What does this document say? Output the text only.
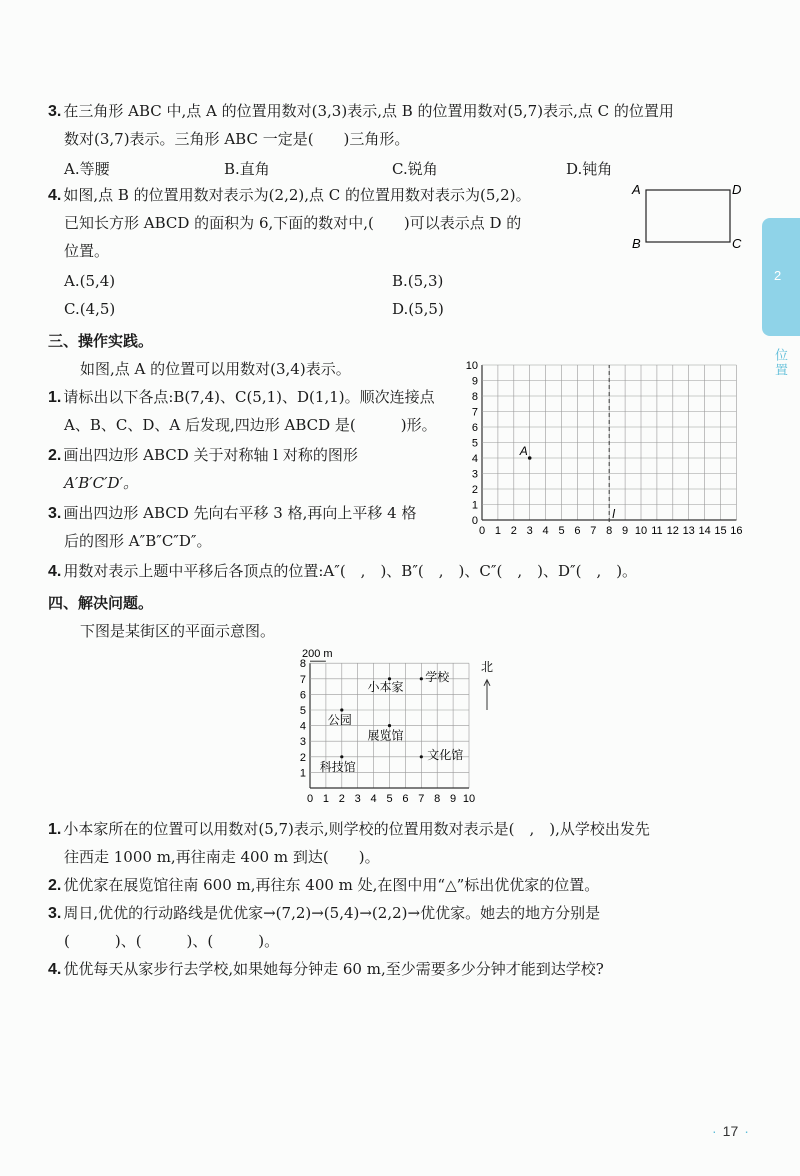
3. 在三角形 ABC 中,点 A 的位置用数对(3,3)表示,点 B 的位置用数对(5,7)表示,点 C 的位置用
数对(3,7)表示。三角形 ABC 一定是(　　)三角形。
A.等腰	B.直角	C.锐角	D.钝角
4. 如图,点 B 的位置用数对表示为(2,2),点 C 的位置用数对表示为(5,2)。
已知长方形 ABCD 的面积为 6,下面的数对中,(　　)可以表示点 D 的
位置。
A.(5,4)	B.(5,3)
C.(4,5)	D.(5,5)
A	D
B	C
三、操作实践。
如图,点 A 的位置可以用数对(3,4)表示。
1. 请标出以下各点:B(7,4)、C(5,1)、D(1,1)。顺次连接点
A、B、C、D、A 后发现,四边形 ABCD 是(　　　)形。
2. 画出四边形 ABCD 关于对称轴 l 对称的图形
A′B′C′D′。
3. 画出四边形 ABCD 先向右平移 3 格,再向上平移 4 格
后的图形 A″B″C″D″。
4. 用数对表示上题中平移后各顶点的位置:A″(　,　)、B″(　,　)、C″(　,　)、D″(　,　)。
0
1
2
3
4
5
6
7
8
9
10
0 1 2 3 4 5 6 7 8 9 10 11 12 13 14 15 16
A
l
四、解决问题。
下图是某街区的平面示意图。
1
2
3
4
5
6
7
8
0 1 2 3 4 5 6 7 8 9 10
200 m
北
小本家
学校
公园
展览馆
文化馆
科技馆
1. 小本家所在的位置可以用数对(5,7)表示,则学校的位置用数对表示是(　,　),从学校出发先
往西走 1000 m,再往南走 400 m 到达(　　)。
2. 优优家在展览馆往南 600 m,再往东 400 m 处,在图中用“△”标出优优家的位置。
3. 周日,优优的行动路线是优优家→(7,2)→(5,4)→(2,2)→优优家。她去的地方分别是
(　　　)、(　　　)、(　　　)。
4. 优优每天从家步行去学校,如果她每分钟走 60 m,至少需要多少分钟才能到达学校?
2
位置
· 17 ·
